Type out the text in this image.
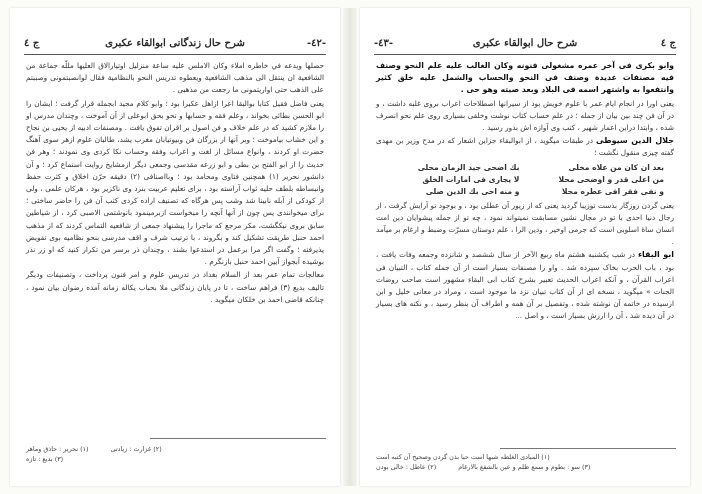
-٤٢-
شرح حال زندگانی ابوالقاء عکبری
ج ٤

حصلها ويدعه في خاطره املاء وكان الاملس عليه ساعة منزلیل اوتیارالاق العلیها مللّه جماعة من الشافعیة ان ینتقل الی مذهب الشافعیة ویعطوه تدریس النحو بالنظامیة فقال لوانصبتمونی وصببتم علی الذهب حتی اواریتمونی ما رجعت من مذهبی .

یعنی فاضل فقیل کتابا بوالبقا اعرا ازاهل عکبرا بود ؛ وابو کلام مجید ابجمله قرار گرفت ؛ ایشان را ابو الحسن بطائی بخواند ، وعلم فقه و حسابها و نحو بحق ابوعلی از آن آموخت ، وچندان مدرس او را ملازم کشید که در علم خلاف و فن اصول بر اقران تفوق یافت . ومصنفات ادبیه از یحیی بن نجاح و این خشاب بیاموخت ؛ وبر آنها ار بزرگان فن وبیوتیابان مغرب یشد، طالبان علوم ازهر سوی آهنگ حضرت او کردند ، وانواع مسائل از لغت و اعراب وفقه وحساب نکا کردی وی نمودند ؛ وهر فن حدیث را از ابو الفتح بن بطی و ابو زرعه مقدسی وجمعی دیگر ازمشایخ روایت استماع کرد ؛ و آن دانشور نحریر (١) همچنین فتاوی ومحامد بود ؛ وبااصنافی (٢) دقیقه حرّن اخلاق و کثرت حفظ وانبساطه بلطف حلیه ثواب آراسته بود ، برای تعلیم عربیت بنزد وی ناکزیر بود ، هرکان علمی ، ولی از کودکی از آبله نابینا شد وشب پس هرگاه که تصنیف اراده کردی کتب آن فن را حاضر ساختی ؛ برای میخوانندی یس چون از آنها آنچه را میخواست ازبرمینمود بانوشتمی الاصبی کرد ، از شیاطین سابق بروی نیکگشت، مکر مرجع که ماجرا را پیشنهاد جمعی از شافعیه التماس کردند که از مذهب احمد حنبل طریقت تشکیل کند و بگروند ، با ترتیب شرف و اقف مدرسی بنحو نظامیه بوی تفویض پذیرفته ؛ وگفت اگر مرا برعمل در استدعوا بشند ، وچندان ذر برسر من تکرار کنید که او زر نذر بوشیده آبجواز آیین احمد حنبل بازنگرم .

معالجات تمام عمر بعد از السلام بغداد در تدریس علوم و امر فنون پرداخت ، وتصنیفات ودیگر تالیف بدیع (٣) فراهم ساخت ، تا در پایان زندگانی ملا بحباب یکاله زمانه آمده رضوان بیان نمود ، چنانکه قاضی احمد بن خلکان میگوید .

(١) نحریر : حاذق وماهر	(٢) غزارت : زیادتی
(٣) بدیع : تازه
ج ٤
شرح حال ابوالقاء عکبری
-٤٣-

وابو بکری فی آخر عمره مشغولی فنونه وکان الغالب علیه علم النحو وصنف فیه مصنفات عدیدة وصنف فی النحو والحساب والشمل علیه خلق کثیر وانتفعوا به واشتهر اسمه فی البلاد وبعد صیته وهو حی .

یعنی اورا در انجام ایام عمر با علوم خویش بود از سیرانها اصطلاحات اعراب بروی غلبه داشت ، و در آن فن چند بین بیان از جمله ؛ در علم حساب کتاب نوشت وخلقی بسیاری روی علم نحو انصرف شده ، وابتدا دراین اعمار شهیر ، کتب وی آوازه اش بدور رسید .

جلال الدین سیوطی در طبقات میگوید ، از ابوالبقاء جزاین اشعار که در مدح وزیر بن مهدی گفته چیزی منقول نگشت ؛

بك اضحی جید الزمان محلی
لا یجاری فی امارات الخلق
و منه احی بك الدین صلی
بعد ان کان من علاه مخلی
من اعلی قدر و اوضحی محلا
و نفی فقر افی عطره محلا

یعنی گردن روزگار بذست توزیبا گردید یعنی که از زیور آن عطلی بود ، و بوجود تو آرایش گرفت ، از رجال دنیا احدی با تو در مجال نشین مسابقت نمیتواند نمود ، چه تو از جمله پیشوایان دین امت انسان ساهٔ اسلوبی است که جرمی اوخیر ، ودین الرا ، علم دوستان مسرّت وضبط و ارغام بر میآمد .

ابو البقاء در شب یکشنبه هشتم ماه ربیع الآخر از سال ششصد و شانزده وجمعه وفات یافت ، بود ، باب الحرب بخاک سپرده شد . واو را مصنفات بسیار است از آن جمله کتاب ، التبیان فی اعراب القرآن ، و آنکه اعراب الحدیث تعبیر بشرح کتاب ابی البقاء مشهور است صاحب روضات الجنات » میگوید ، نسخه ای از آن کتاب تبیان نزد ما موجود است ، ومراد در معانی خلیل و ابن ارسیده در خاتمه آن نوشته شده ، وتفصیل بر آن همه و اطراف آن بنظر رسید ، و نکته های بسیار در آن دیده شد ، آن را ارزش بسیار است ، و اصل ...

(١) المبادی الغلطه شبها است حبا بذن گردن وصحيح آن كتبه است
(٢) عاطل : خالی بودن	(٣) سو : بطوم و سمع ظلم و عین بالشفع بالارغام
